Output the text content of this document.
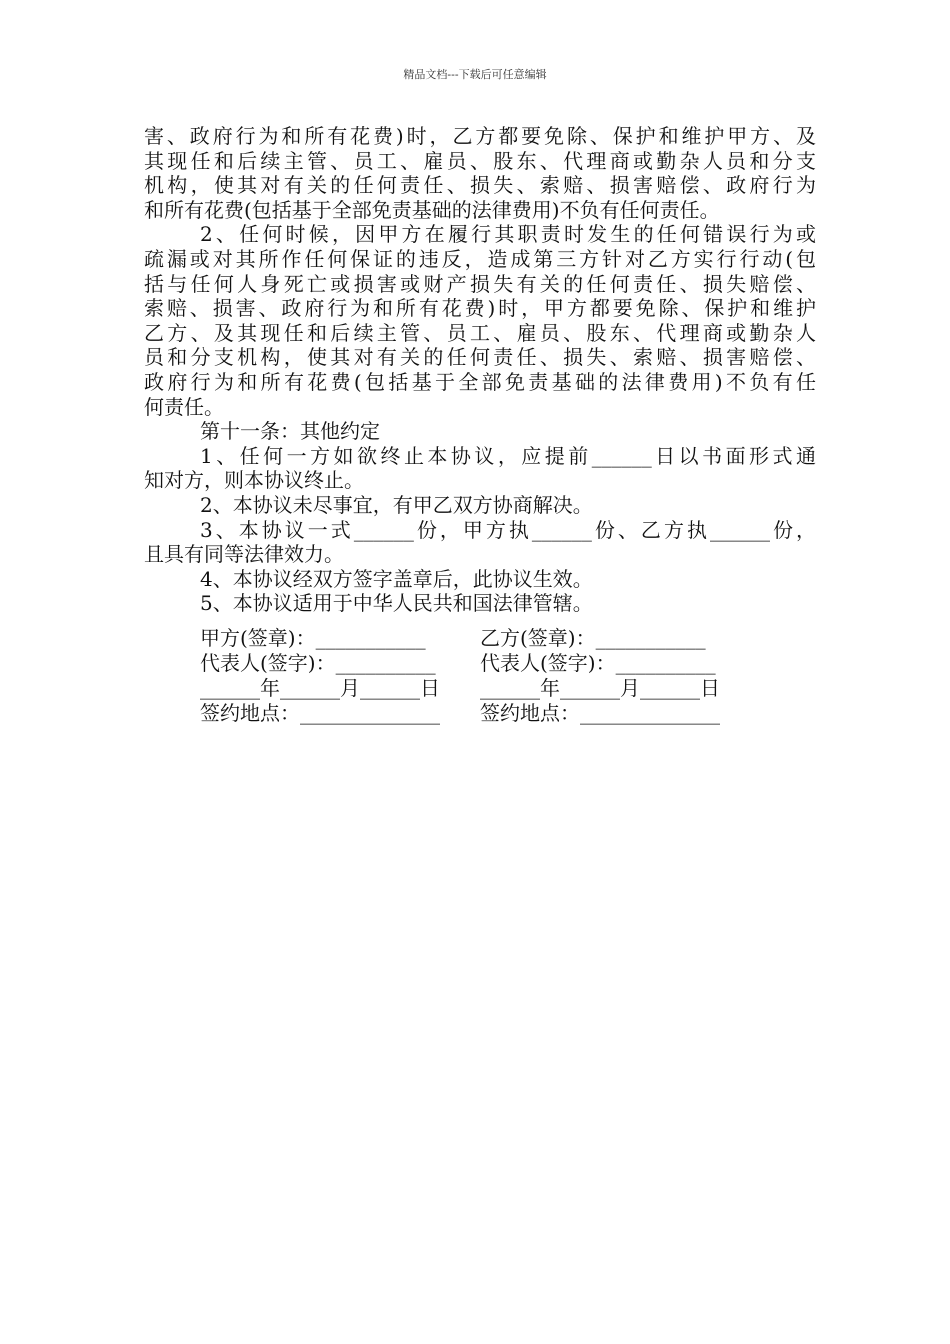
精品文档---下载后可任意编辑
害、政府行为和所有花费)时，乙方都要免除、保护和维护甲方、及
其现任和后续主管、员工、雇员、股东、代理商或勤杂人员和分支
机构，使其对有关的任何责任、损失、索赔、损害赔偿、政府行为
和所有花费(包括基于全部免责基础的法律费用)不负有任何责任。
2、任何时候，因甲方在履行其职责时发生的任何错误行为或
疏漏或对其所作任何保证的违反，造成第三方针对乙方实行行动(包
括与任何人身死亡或损害或财产损失有关的任何责任、损失赔偿、
索赔、损害、政府行为和所有花费)时，甲方都要免除、保护和维护
乙方、及其现任和后续主管、员工、雇员、股东、代理商或勤杂人
员和分支机构，使其对有关的任何责任、损失、索赔、损害赔偿、
政府行为和所有花费(包括基于全部免责基础的法律费用)不负有任
何责任。
第十一条：其他约定
1、任何一方如欲终止本协议，应提前______日以书面形式通
知对方，则本协议终止。
2、本协议未尽事宜，有甲乙双方协商解决。
3、本协议一式______份，甲方执______份、乙方执______份，
且具有同等法律效力。
4、本协议经双方签字盖章后，此协议生效。
5、本协议适用于中华人民共和国法律管辖。
甲方(签章)：___________	乙方(签章)：___________
代表人(签字)：__________ 代表人(签字)：__________
______年______月______日 ______年______月______日
签约地点：______________ 签约地点：______________
